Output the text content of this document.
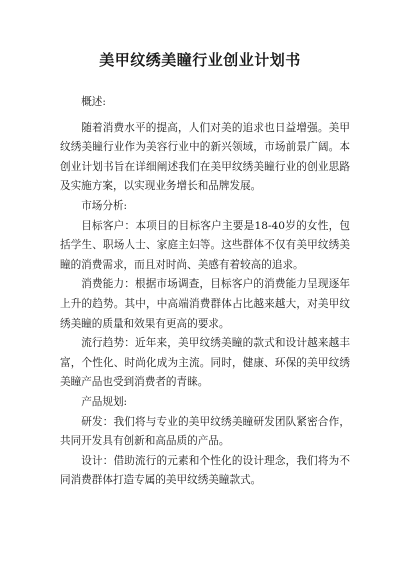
美甲纹绣美瞳行业创业计划书

概述:

随着消费水平的提高，人们对美的追求也日益增强。美甲纹绣美瞳行业作为美容行业中的新兴领域，市场前景广阔。本创业计划书旨在详细阐述我们在美甲纹绣美瞳行业的创业思路及实施方案，以实现业务增长和品牌发展。

市场分析:

目标客户：本项目的目标客户主要是18-40岁的女性，包括学生、职场人士、家庭主妇等。这些群体不仅有美甲纹绣美瞳的消费需求，而且对时尚、美感有着较高的追求。

消费能力：根据市场调查，目标客户的消费能力呈现逐年上升的趋势。其中，中高端消费群体占比越来越大，对美甲纹绣美瞳的质量和效果有更高的要求。

流行趋势：近年来，美甲纹绣美瞳的款式和设计越来越丰富，个性化、时尚化成为主流。同时，健康、环保的美甲纹绣美瞳产品也受到消费者的青睐。

产品规划:

研发：我们将与专业的美甲纹绣美瞳研发团队紧密合作，共同开发具有创新和高品质的产品。

设计：借助流行的元素和个性化的设计理念，我们将为不同消费群体打造专属的美甲纹绣美瞳款式。
